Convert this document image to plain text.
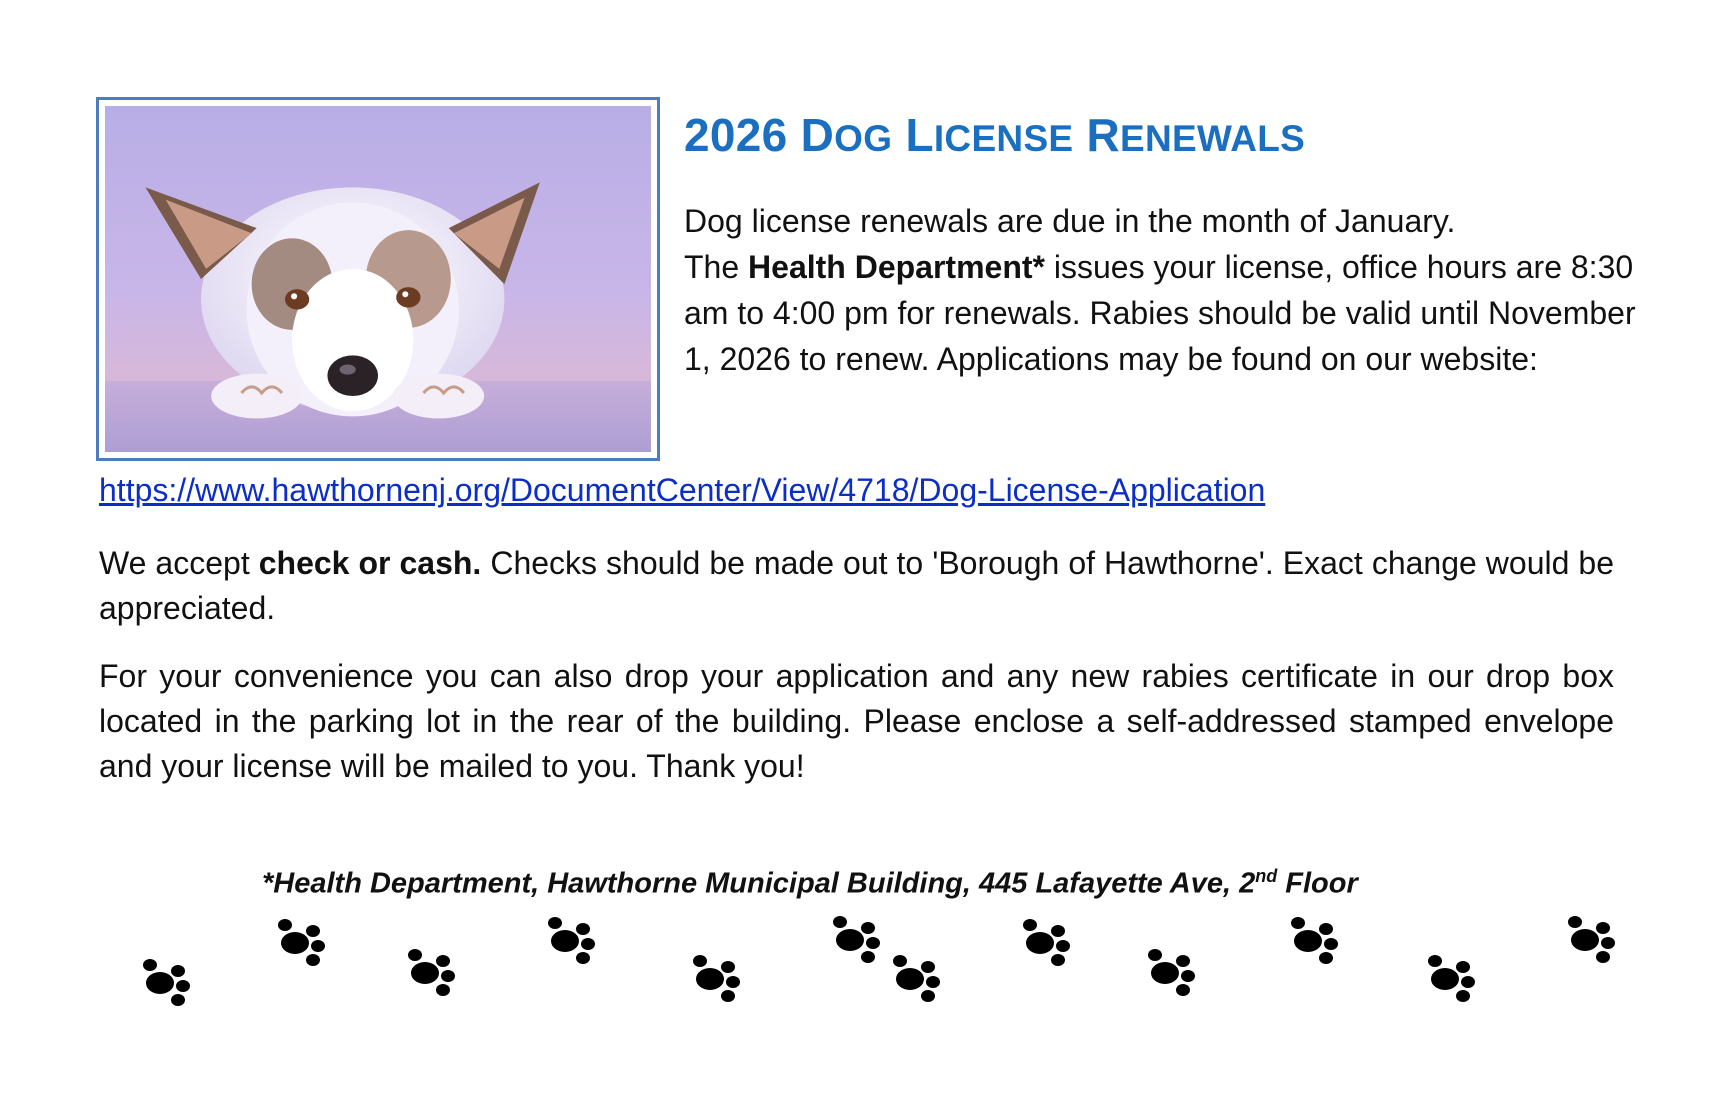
2026 DOG LICENSE RENEWALS

Dog license renewals are due in the month of January.

The Health Department* issues your license, office hours are 8:30 am to 4:00 pm for renewals. Rabies should be valid until November 1, 2026 to renew. Applications may be found on our website:

https://www.hawthornenj.org/DocumentCenter/View/4718/Dog-License-Application

We accept check or cash. Checks should be made out to 'Borough of Hawthorne'. Exact change would be appreciated.

For your convenience you can also drop your application and any new rabies certificate in our drop box located in the parking lot in the rear of the building. Please enclose a self-addressed stamped envelope and your license will be mailed to you. Thank you!

*Health Department, Hawthorne Municipal Building, 445 Lafayette Ave, 2nd Floor
